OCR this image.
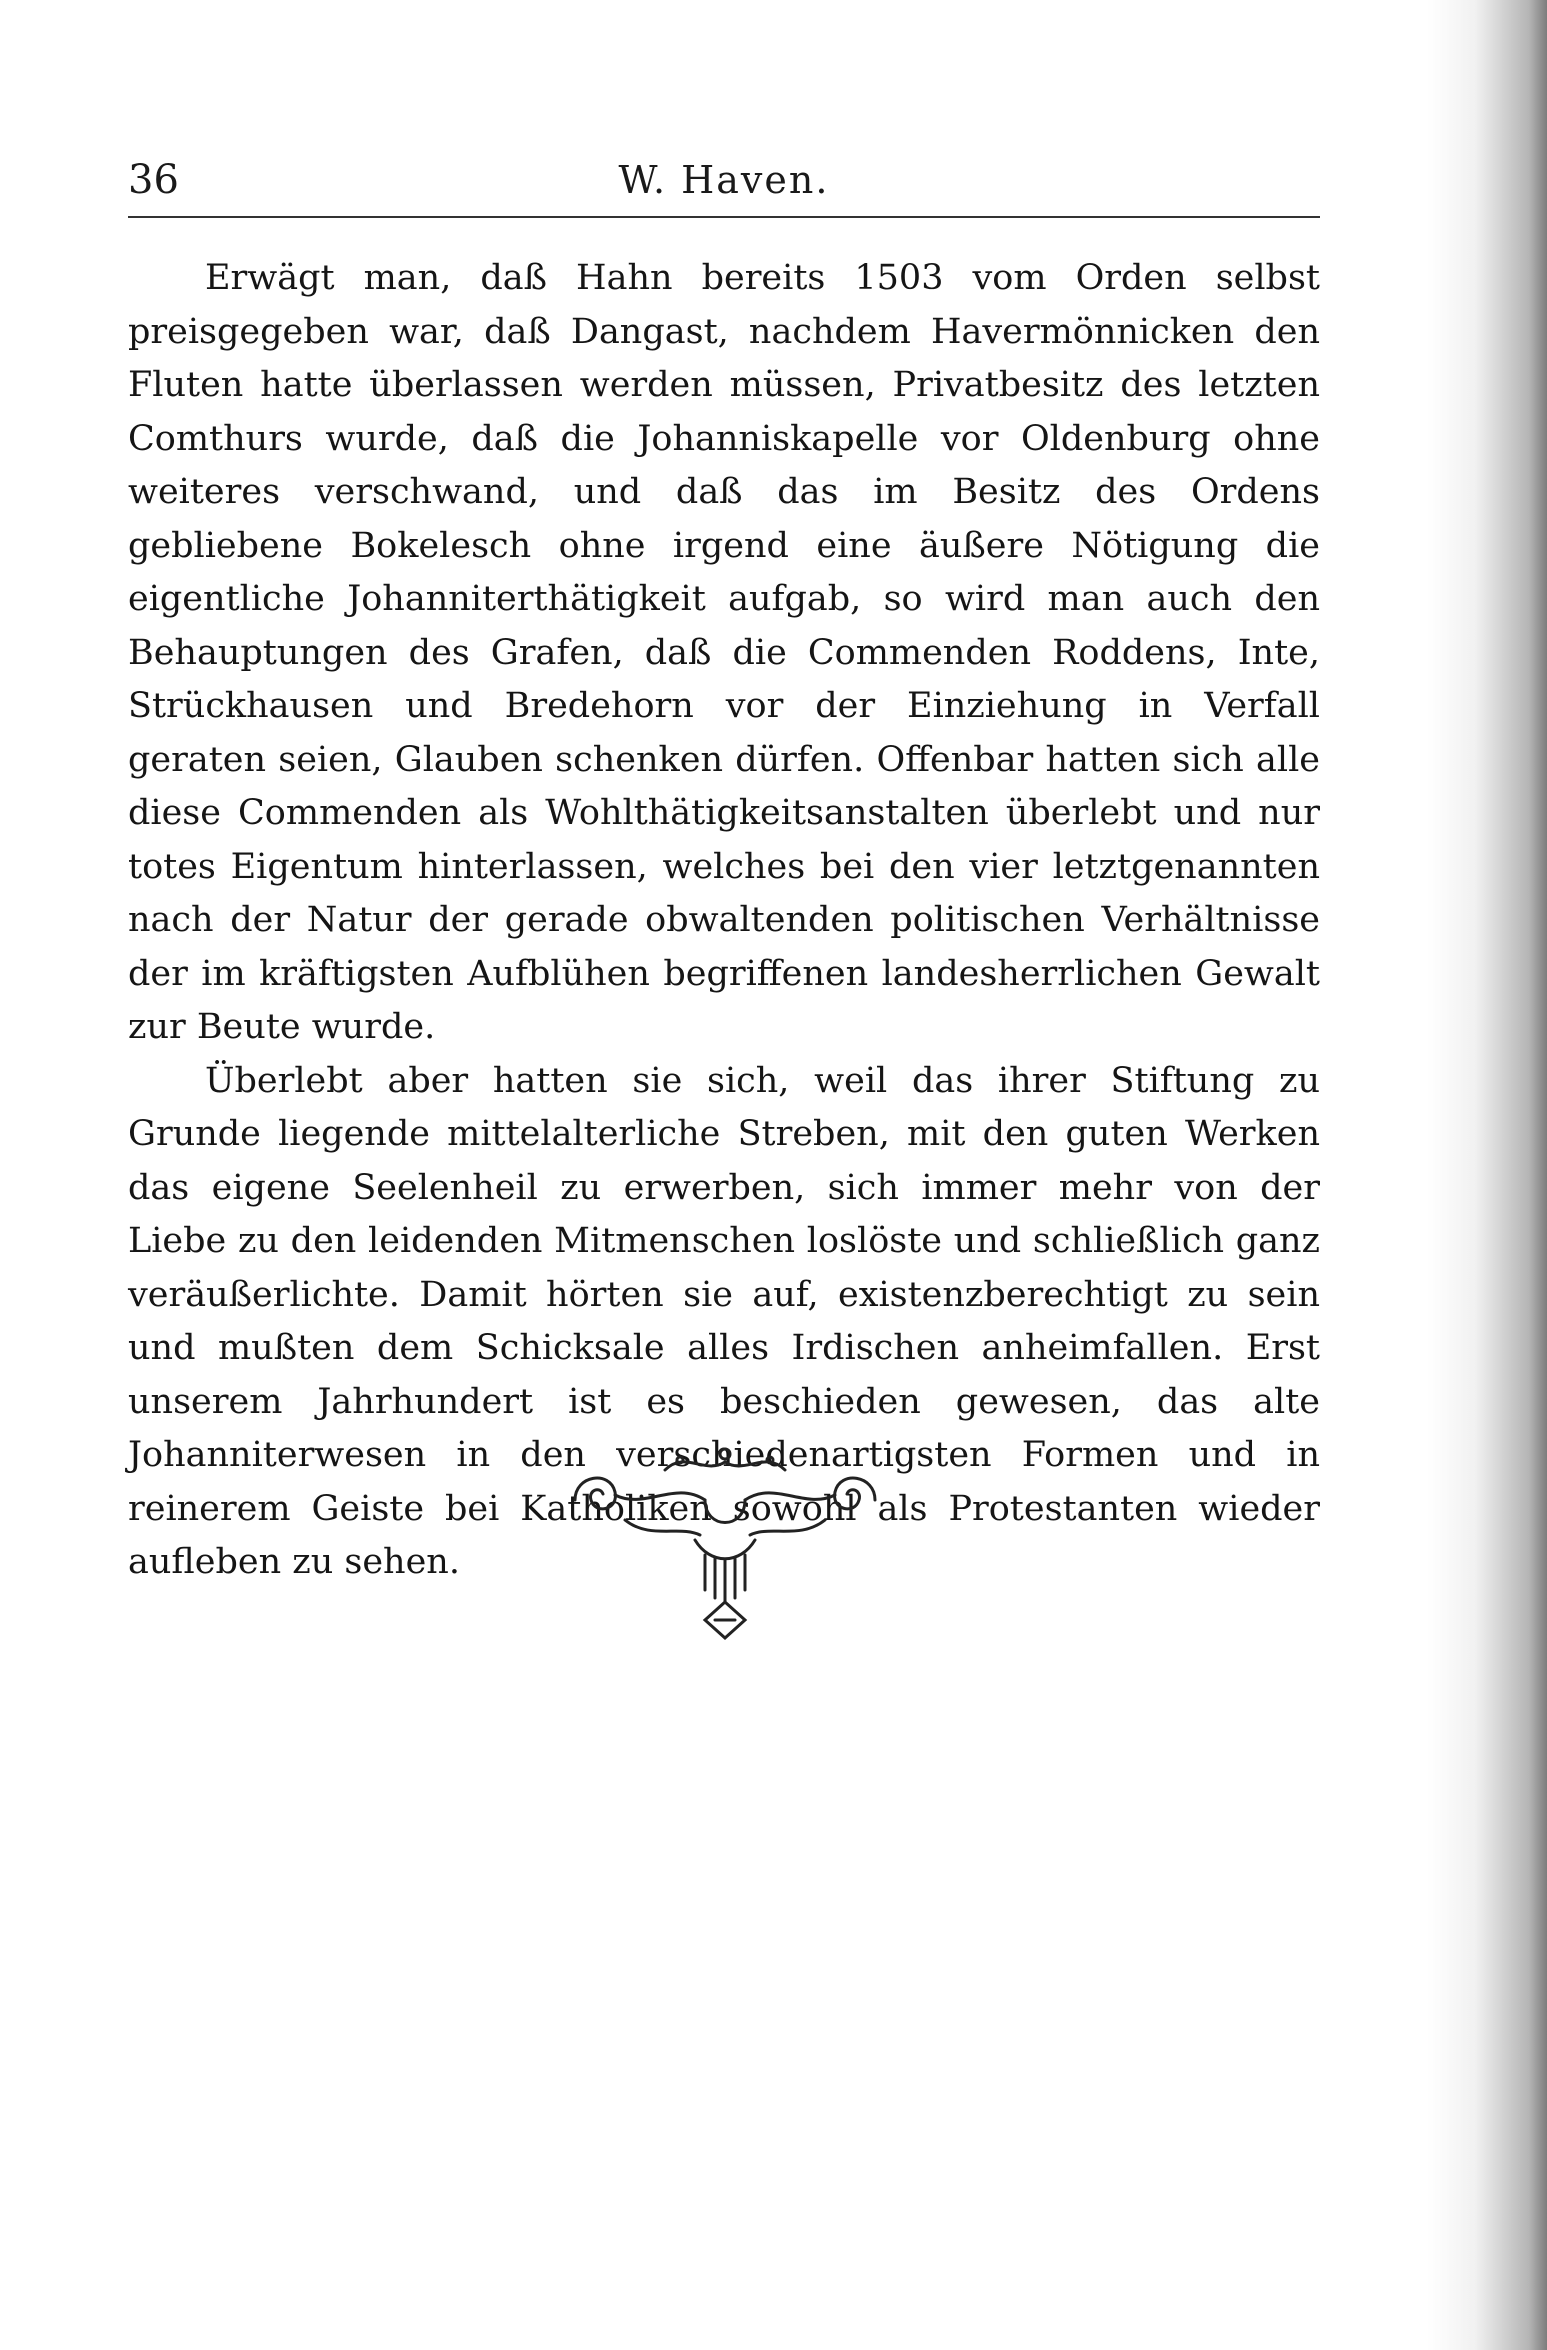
36	W. Haven.

Erwägt man, daß Hahn bereits 1503 vom Orden selbst preisgegeben war, daß Dangast, nachdem Havermönnicken den Fluten hatte überlassen werden müssen, Privatbesitz des letzten Comthurs wurde, daß die Johanniskapelle vor Oldenburg ohne weiteres verschwand, und daß das im Besitz des Ordens gebliebene Bokelesch ohne irgend eine äußere Nötigung die eigentliche Johanniterthätigkeit aufgab, so wird man auch den Behauptungen des Grafen, daß die Commenden Roddens, Inte, Strückhausen und Bredehorn vor der Einziehung in Verfall geraten seien, Glauben schenken dürfen. Offenbar hatten sich alle diese Commenden als Wohlthätigkeitsanstalten überlebt und nur totes Eigentum hinterlassen, welches bei den vier letztgenannten nach der Natur der gerade obwaltenden politischen Verhältnisse der im kräftigsten Aufblühen begriffenen landesherrlichen Gewalt zur Beute wurde.

Überlebt aber hatten sie sich, weil das ihrer Stiftung zu Grunde liegende mittelalterliche Streben, mit den guten Werken das eigene Seelenheil zu erwerben, sich immer mehr von der Liebe zu den leidenden Mitmenschen loslöste und schließlich ganz veräußerlichte. Damit hörten sie auf, existenzberechtigt zu sein und mußten dem Schicksale alles Irdischen anheimfallen. Erst unserem Jahrhundert ist es beschieden gewesen, das alte Johanniterwesen in den verschiedenartigsten Formen und in reinerem Geiste bei Katholiken sowohl als Protestanten wieder aufleben zu sehen.
